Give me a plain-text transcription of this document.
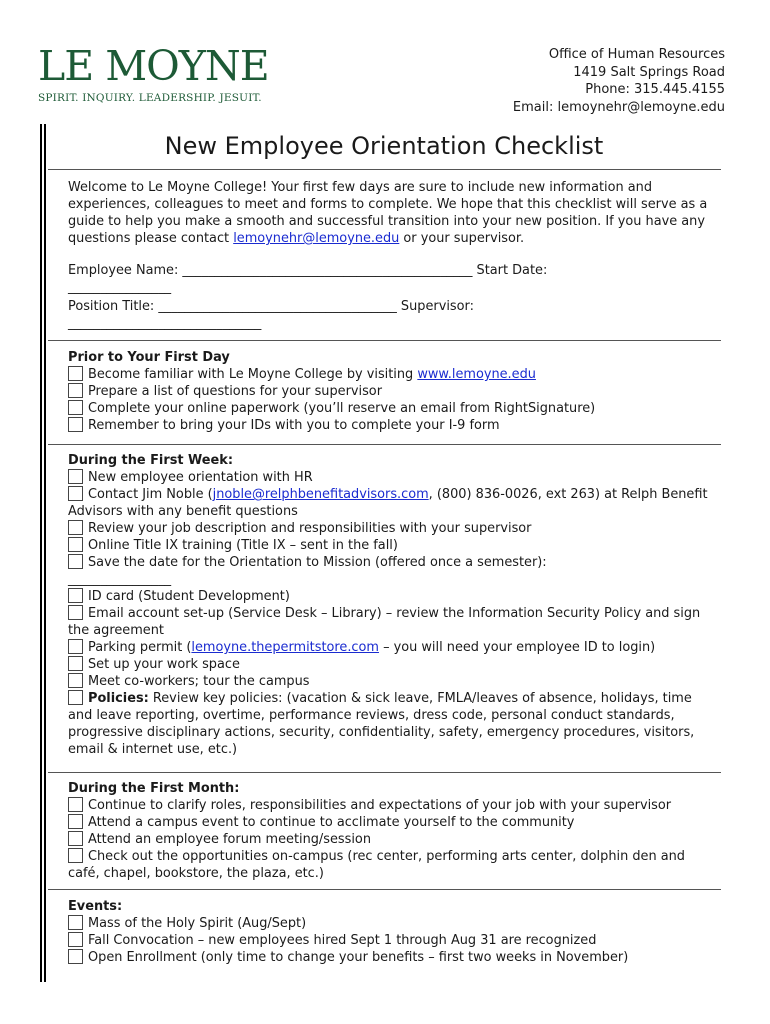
LE MOYNE
SPIRIT. INQUIRY. LEADERSHIP. JESUIT.
Office of Human Resources
1419 Salt Springs Road
Phone: 315.445.4155
Email: lemoynehr@lemoyne.edu
New Employee Orientation Checklist

Welcome to Le Moyne College! Your first few days are sure to include new information and experiences, colleagues to meet and forms to complete. We hope that this checklist will serve as a guide to help you make a smooth and successful transition into your new position. If you have any questions please contact lemoynehr@lemoyne.edu or your supervisor.

Employee Name: _____________________________________________ Start Date:

________________

Position Title: _____________________________________ Supervisor:

______________________________

Prior to Your First Day

Become familiar with Le Moyne College by visiting www.lemoyne.edu

Prepare a list of questions for your supervisor

Complete your online paperwork (you’ll reserve an email from RightSignature)

Remember to bring your IDs with you to complete your I-9 form

During the First Week:

New employee orientation with HR

Contact Jim Noble (jnoble@relphbenefitadvisors.com, (800) 836-0026, ext 263) at Relph Benefit Advisors with any benefit questions

Review your job description and responsibilities with your supervisor

Online Title IX training (Title IX – sent in the fall)

Save the date for the Orientation to Mission (offered once a semester):
________________

ID card (Student Development)

Email account set-up (Service Desk – Library) – review the Information Security Policy and sign the agreement

Parking permit (lemoyne.thepermitstore.com – you will need your employee ID to login)

Set up your work space

Meet co-workers; tour the campus

Policies: Review key policies: (vacation & sick leave, FMLA/leaves of absence, holidays, time and leave reporting, overtime, performance reviews, dress code, personal conduct standards, progressive disciplinary actions, security, confidentiality, safety, emergency procedures, visitors, email & internet use, etc.)

During the First Month:

Continue to clarify roles, responsibilities and expectations of your job with your supervisor

Attend a campus event to continue to acclimate yourself to the community

Attend an employee forum meeting/session

Check out the opportunities on-campus (rec center, performing arts center, dolphin den and café, chapel, bookstore, the plaza, etc.)

Events:

Mass of the Holy Spirit (Aug/Sept)

Fall Convocation – new employees hired Sept 1 through Aug 31 are recognized

Open Enrollment (only time to change your benefits – first two weeks in November)
